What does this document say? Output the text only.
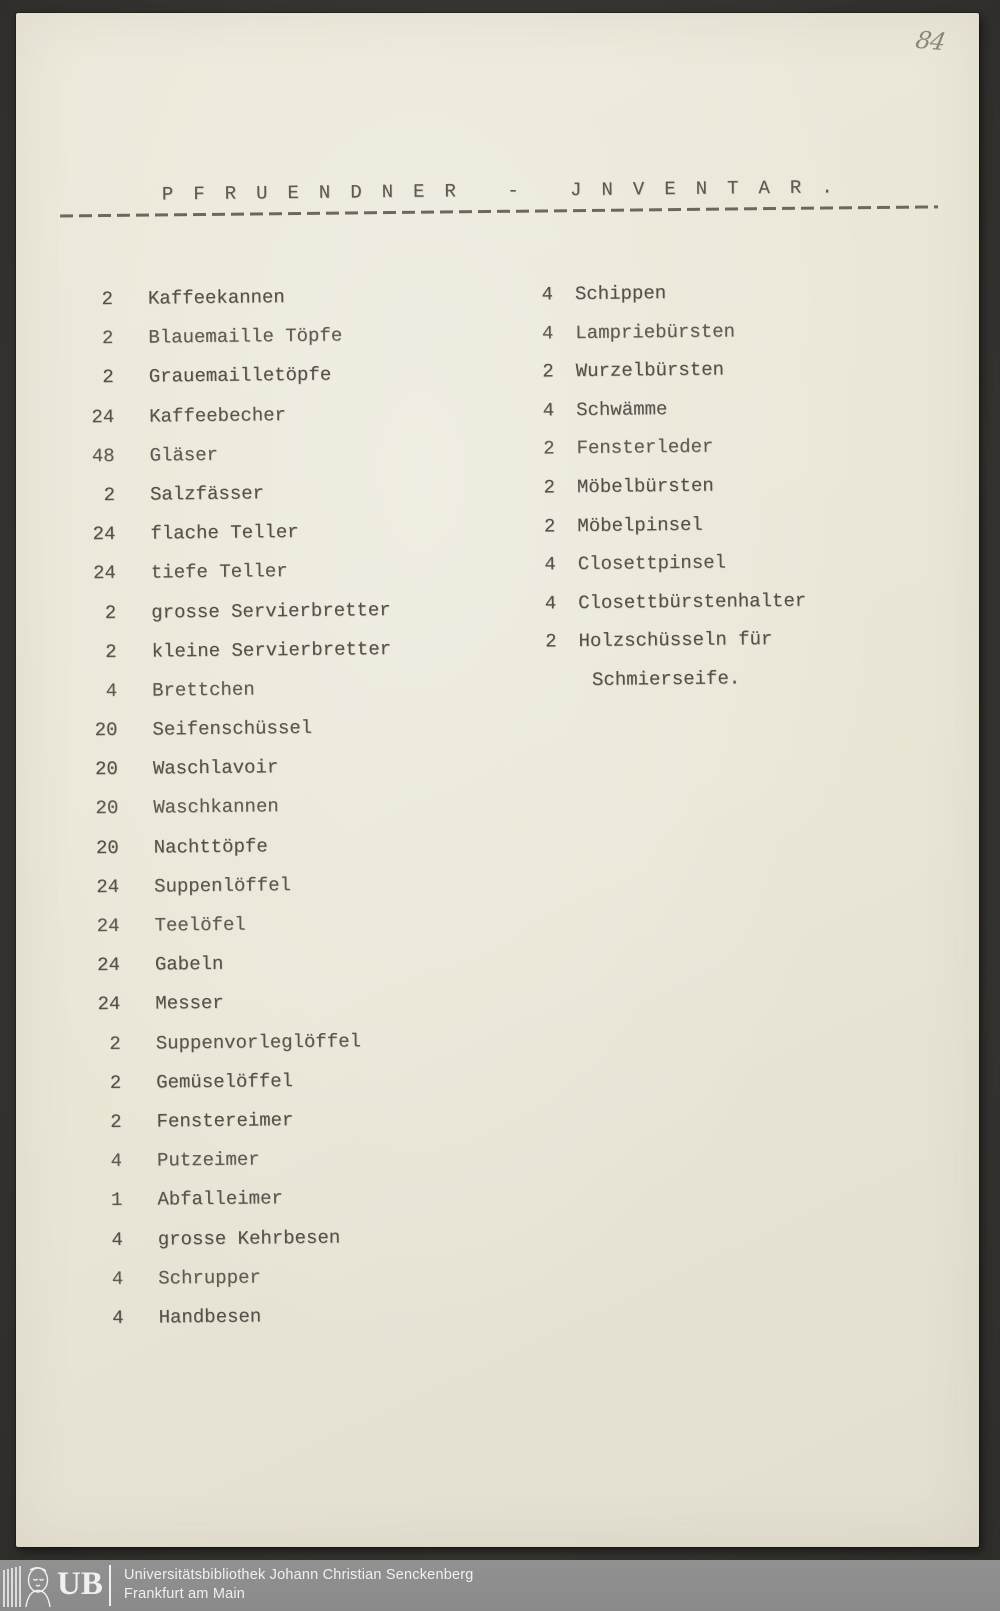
84
PFRUENDNER - JNVENTAR.
2 Kaffeekannen
2 Blauemaille Töpfe
2 Grauemailletöpfe
24 Kaffeebecher
48 Gläser
2 Salzfässer
24 flache Teller
24 tiefe Teller
2 grosse Servierbretter
2 kleine Servierbretter
4 Brettchen
20 Seifenschüssel
20 Waschlavoir
20 Waschkannen
20 Nachttöpfe
24 Suppenlöffel
24 Teelöfel
24 Gabeln
24 Messer
2 Suppenvorleglöffel
2 Gemüselöffel
2 Fenstereimer
4 Putzeimer
1 Abfalleimer
4 grosse Kehrbesen
4 Schrupper
4 Handbesen
4 Schippen
4 Lampriebürsten
2 Wurzelbürsten
4 Schwämme
2 Fensterleder
2 Möbelbürsten
2 Möbelpinsel
4 Closettpinsel
4 Closettbürstenhalter
2 Holzschüsseln für
Schmierseife.
UB Universitätsbibliothek Johann Christian Senckenberg
Frankfurt am Main
